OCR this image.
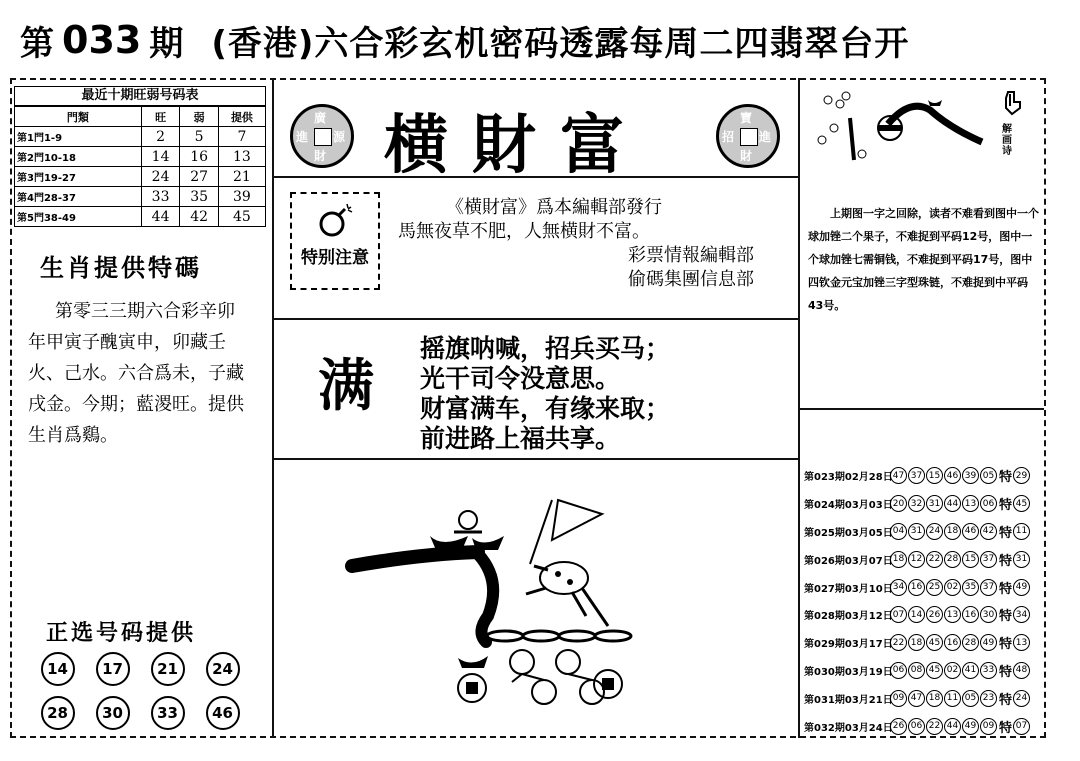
第 033 期 (香港)六合彩玄机密码透露每周二四翡翠台开
最近十期旺弱号码表
門類	旺	弱	提供
第1門1-9	2	5	7
第2門10-18	14	16	13
第3門19-27	24	27	21
第4門28-37	33	35	39
第5門38-49	44	42	45
生肖提供特碼
第零三三期六合彩辛卯年甲寅子醜寅申，卯藏壬火、己水。六合爲未，子藏戌金。今期；藍溭旺。提供生肖爲鷄。
正选号码提供
14	17	21	24
28	30	33	46
廣
進 源
財 横財富	寶
招 進
財
特别注意
《横財富》爲本編輯部發行
馬無夜草不肥，人無横財不富。
彩票情報編輯部
偷碼集團信息部
满
摇旗呐喊，招兵买马；
光干司令没意思。
财富满车，有缘来取；
前进路上福共享。
解画诗
上期图一字之回除，读者不难看到图中一个球加锉二个果子，不难捉到平码12号，图中一个球加锉七需铜钱，不难捉到平码17号，图中四钦金元宝加锉三字型珠链，不难捉到中平码43号。
第023期02月28日 47 37 15 46 39 05 特 29
第024期03月03日 20 32 31 44 13 06 特 45
第025期03月05日 04 31 24 18 46 42 特 11
第026期03月07日 18 12 22 28 15 37 特 31
第027期03月10日 34 16 25 02 35 37 特 49
第028期03月12日 07 14 26 13 16 30 特 34
第029期03月17日 22 18 45 16 28 49 特 13
第030期03月19日 06 08 45 02 41 33 特 48
第031期03月21日 09 47 18 11 05 23 特 24
第032期03月24日 26 06 22 44 49 09 特 07
